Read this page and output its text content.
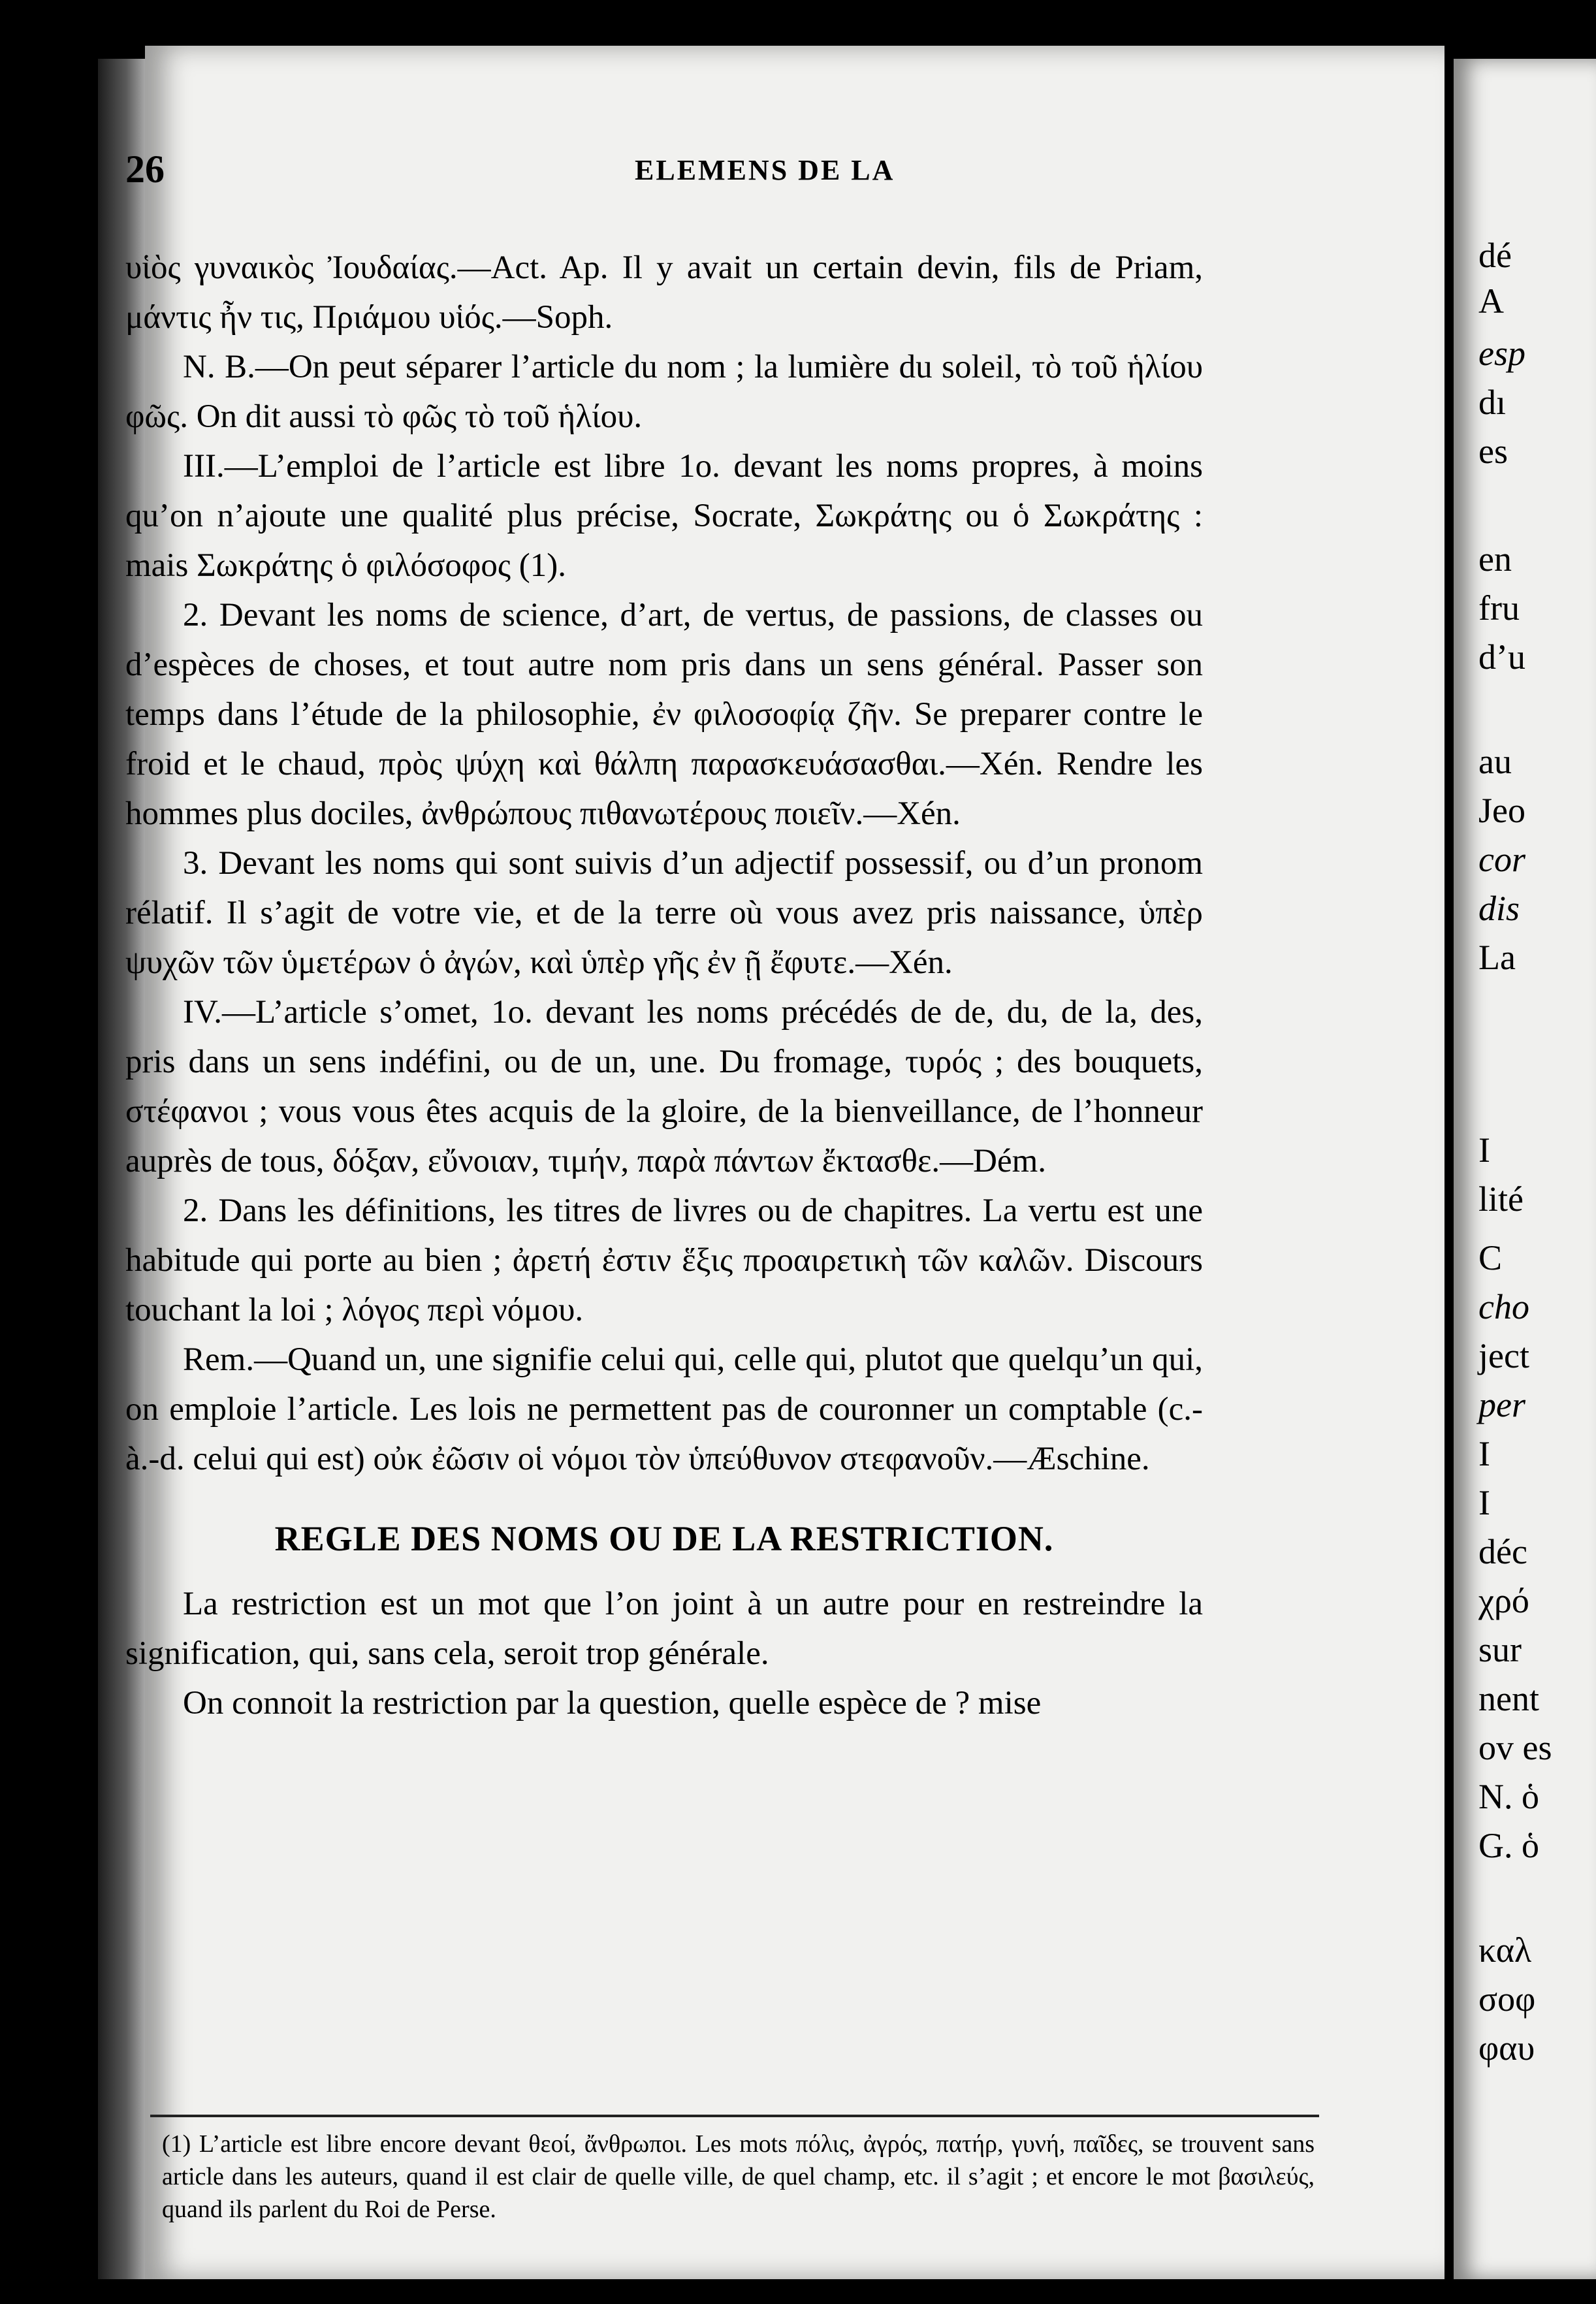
26	ELEMENS DE LA

υἱὸς γυναικὸς Ἰουδαίας.—Act. Ap. Il y avait un certain devin, fils de Priam, μάντις ἦν τις, Πριάμου υἱός.—Soph.

N. B.—On peut séparer l’article du nom ; la lumière du soleil, τὸ τοῦ ἡλίου φῶς. On dit aussi τὸ φῶς τὸ τοῦ ἡλίου.

III.—L’emploi de l’article est libre 1o. devant les noms propres, à moins qu’on n’ajoute une qualité plus précise, Socrate, Σωκράτης ou ὁ Σωκράτης : mais Σωκράτης ὁ φιλόσοφος (1).

2. Devant les noms de science, d’art, de vertus, de passions, de classes ou d’espèces de choses, et tout autre nom pris dans un sens général. Passer son temps dans l’étude de la philosophie, ἐν φιλοσοφίᾳ ζῆν. Se preparer contre le froid et le chaud, πρὸς ψύχη καὶ θάλπη παρασκευάσασθαι.—Xén. Rendre les hommes plus dociles, ἀνθρώπους πιθανωτέρους ποιεῖν.—Xén.

3. Devant les noms qui sont suivis d’un adjectif possessif, ou d’un pronom rélatif. Il s’agit de votre vie, et de la terre où vous avez pris naissance, ὑπὲρ ψυχῶν τῶν ὑμετέρων ὁ ἀγών, καὶ ὑπὲρ γῆς ἐν ῇ ἔφυτε.—Xén.

IV.—L’article s’omet, 1o. devant les noms précédés de de, du, de la, des, pris dans un sens indéfini, ou de un, une. Du fromage, τυρός ; des bouquets, στέφανοι ; vous vous êtes acquis de la gloire, de la bienveillance, de l’honneur auprès de tous, δόξαν, εὔνοιαν, τιμήν, παρὰ πάντων ἔκτασθε.—Dém.

2. Dans les définitions, les titres de livres ou de chapitres. La vertu est une habitude qui porte au bien ; ἀρετή ἐστιν ἕξις προαιρετικὴ τῶν καλῶν. Discours touchant la loi ; λόγος περὶ νόμου.

Rem.—Quand un, une signifie celui qui, celle qui, plutot que quelqu’un qui, on emploie l’article. Les lois ne permettent pas de couronner un comptable (c.-à.-d. celui qui est) οὐκ ἐῶσιν οἱ νόμοι τὸν ὑπεύθυνον στεφανοῦν.—Æschine.

REGLE DES NOMS OU DE LA RESTRICTION.

La restriction est un mot que l’on joint à un autre pour en restreindre la signification, qui, sans cela, seroit trop générale.

On connoit la restriction par la question, quelle espèce de ? mise

(1) L’article est libre encore devant θεοί, ἄνθρωποι. Les mots πόλις, ἀγρός, πατήρ, γυνή, παῖδες, se trouvent sans article dans les auteurs, quand il est clair de quelle ville, de quel champ, etc. il s’agit ; et encore le mot βασιλεύς, quand ils parlent du Roi de Perse.
dé
A
esp
dı
es
en
fru
d’u
au
Jeo
cor
dis
La
I
lité
C
cho
ject
per
I
I
déc
χρό
sur
nent
ov es
N. ὁ
G. ὁ
καλ
σοφ
φαυ
